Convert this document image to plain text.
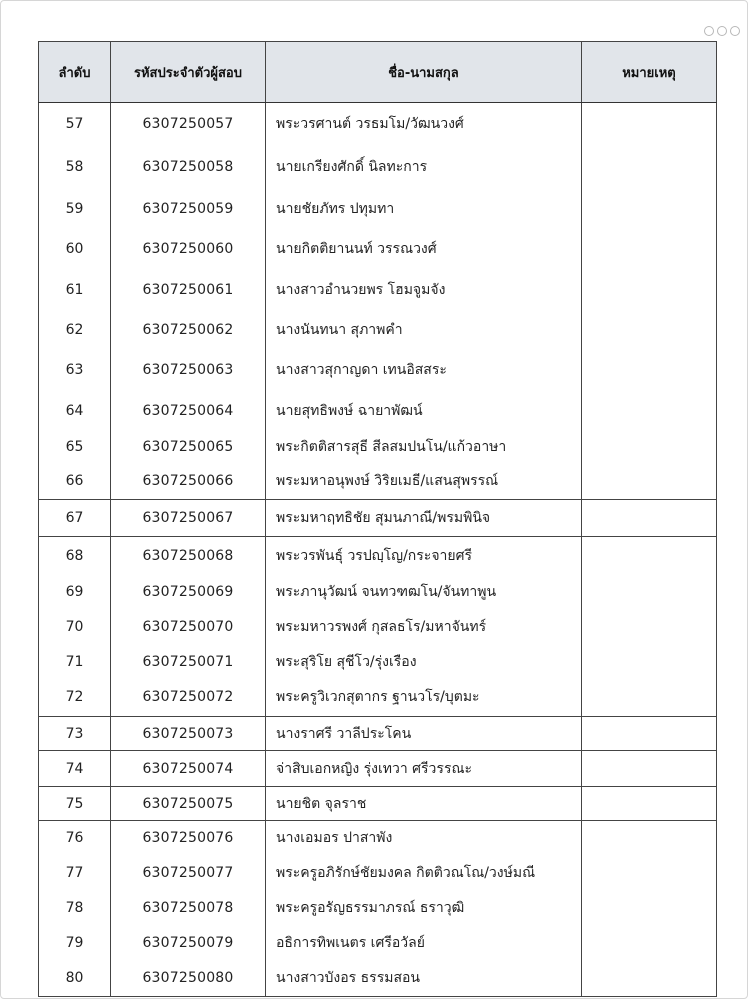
ลำดับ	รหัสประจำตัวผู้สอบ	ชื่อ-นามสกุล	หมายเหตุ
57	6307250057	พระวรศานต์ วรธมโม/วัฒนวงศ์	
58	6307250058	นายเกรียงศักดิ์ นิลทะการ	
59	6307250059	นายชัยภัทร ปทุมทา	
60	6307250060	นายกิตติยานนท์ วรรณวงศ์	
61	6307250061	นางสาวอำนวยพร โฮมจูมจัง	
62	6307250062	นางนันทนา สุภาพคำ	
63	6307250063	นางสาวสุกาญดา เทนอิสสระ	
64	6307250064	นายสุทธิพงษ์ ฉายาพัฒน์	
65	6307250065	พระกิตติสารสุธี สีลสมปนโน/แก้วอาษา	
66	6307250066	พระมหาอนุพงษ์ วิริยเมธี/แสนสุพรรณ์	
67	6307250067	พระมหาฤทธิชัย สุมนภาณี/พรมพินิจ	
68	6307250068	พระวรพันธุ์ วรปญฺโญ/กระจายศรี	
69	6307250069	พระภานุวัฒน์ จนทวฑฒโน/จันทาพูน	
70	6307250070	พระมหาวรพงศ์ กุสลธโร/มหาจันทร์	
71	6307250071	พระสุริโย สุชีโว/รุ่งเรือง	
72	6307250072	พระครูวิเวกสุตากร ฐานวโร/บุตมะ	
73	6307250073	นางราศรี วาลีประโคน	
74	6307250074	จ่าสิบเอกหญิง รุ่งเทวา ศรีวรรณะ	
75	6307250075	นายชิต จุลราช	
76	6307250076	นางเอมอร ปาสาพัง	
77	6307250077	พระครูอภิรักษ์ชัยมงคล กิตติวณโณ/วงษ์มณี	
78	6307250078	พระครูอรัญธรรมาภรณ์ ธราวุฒิ	
79	6307250079	อธิการทิพเนตร เศรีอวัลย์	
80	6307250080	นางสาวบังอร ธรรมสอน	
